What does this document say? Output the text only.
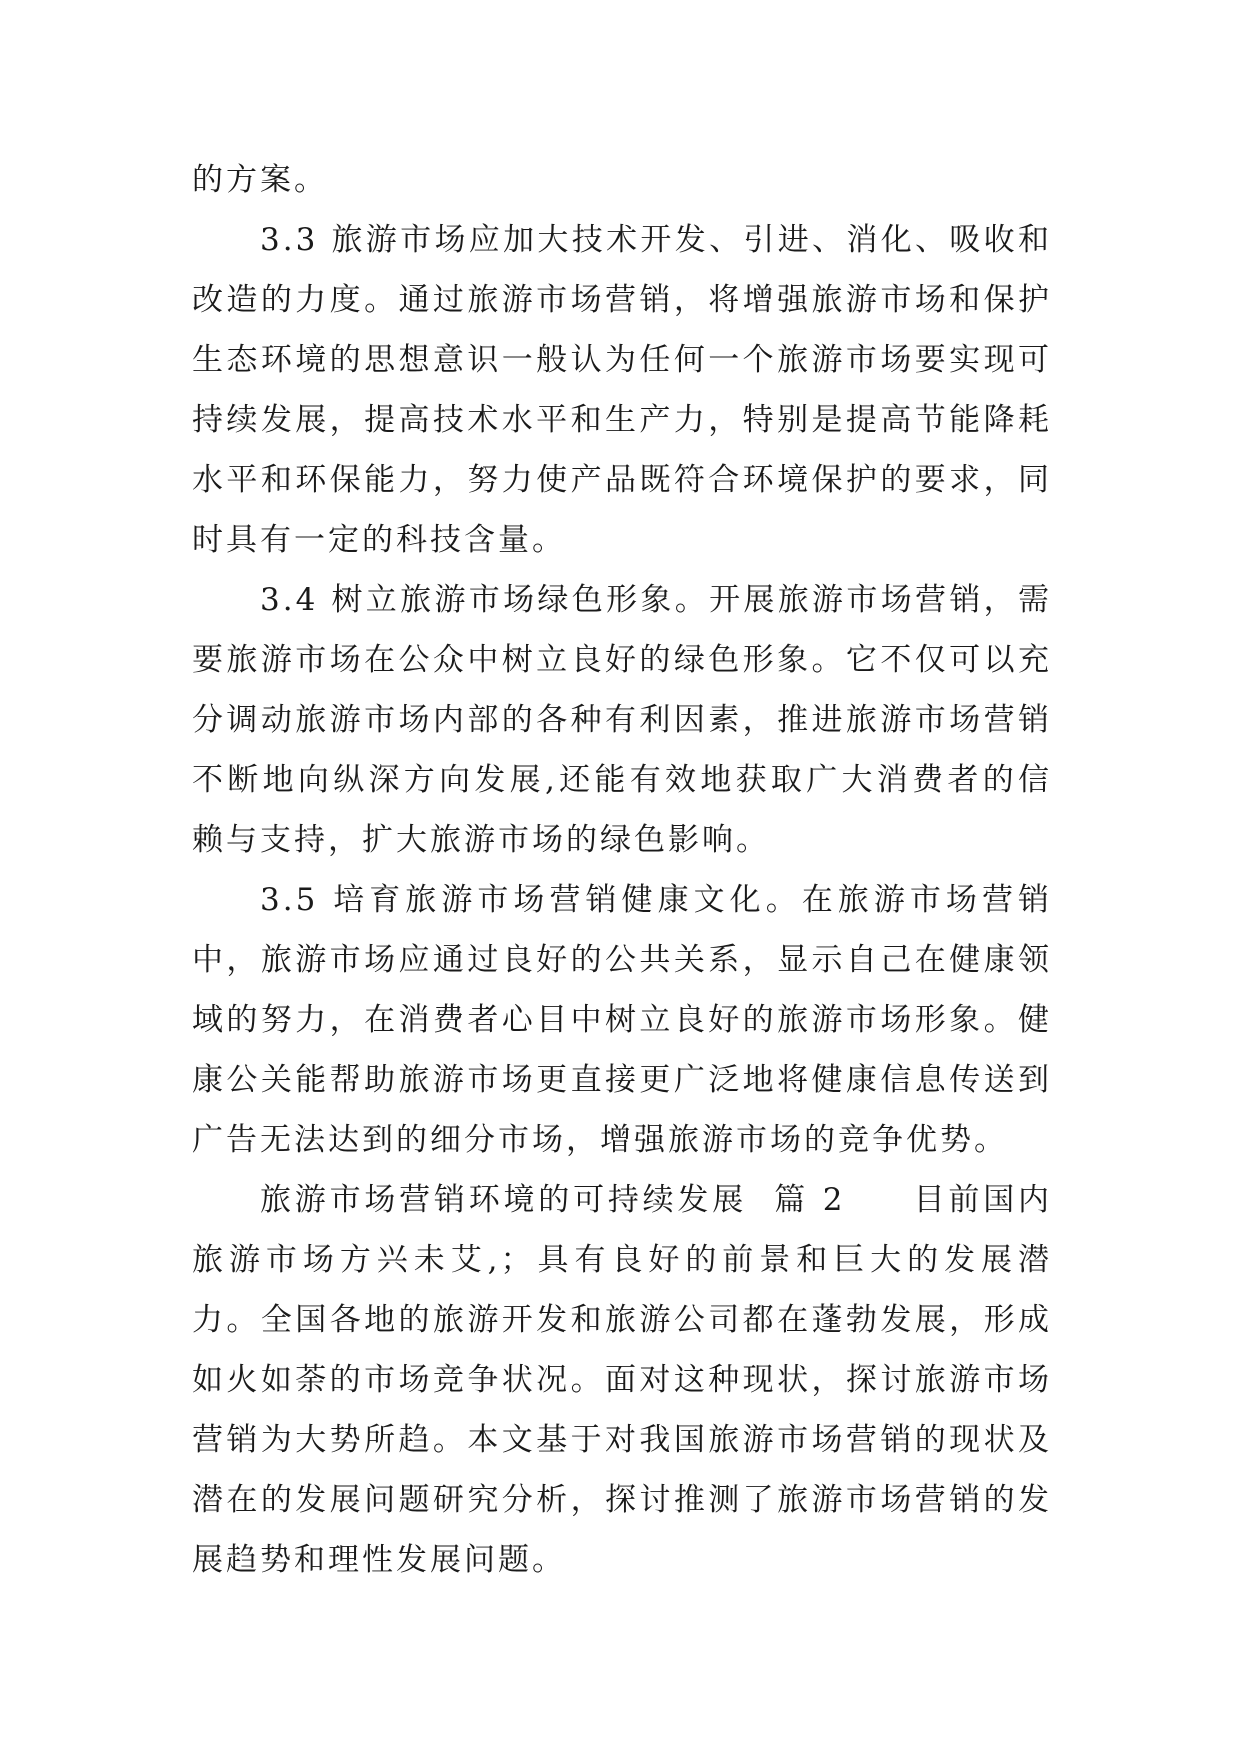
的方案。

3.3 旅游市场应加大技术开发、引进、消化、吸收和改造的力度。通过旅游市场营销，将增强旅游市场和保护生态环境的思想意识一般认为任何一个旅游市场要实现可持续发展，提高技术水平和生产力，特别是提高节能降耗水平和环保能力，努力使产品既符合环境保护的要求，同时具有一定的科技含量。

3.4 树立旅游市场绿色形象。开展旅游市场营销，需要旅游市场在公众中树立良好的绿色形象。它不仅可以充分调动旅游市场内部的各种有利因素，推进旅游市场营销不断地向纵深方向发展,还能有效地获取广大消费者的信赖与支持，扩大旅游市场的绿色影响。

3.5 培育旅游市场营销健康文化。在旅游市场营销中，旅游市场应通过良好的公共关系，显示自己在健康领域的努力，在消费者心目中树立良好的旅游市场形象。健康公关能帮助旅游市场更直接更广泛地将健康信息传送到广告无法达到的细分市场，增强旅游市场的竞争优势。

旅游市场营销环境的可持续发展  篇 2     目前国内旅游市场方兴未艾,；具有良好的前景和巨大的发展潜力。全国各地的旅游开发和旅游公司都在蓬勃发展，形成如火如荼的市场竞争状况。面对这种现状，探讨旅游市场营销为大势所趋。本文基于对我国旅游市场营销的现状及潜在的发展问题研究分析，探讨推测了旅游市场营销的发展趋势和理性发展问题。
